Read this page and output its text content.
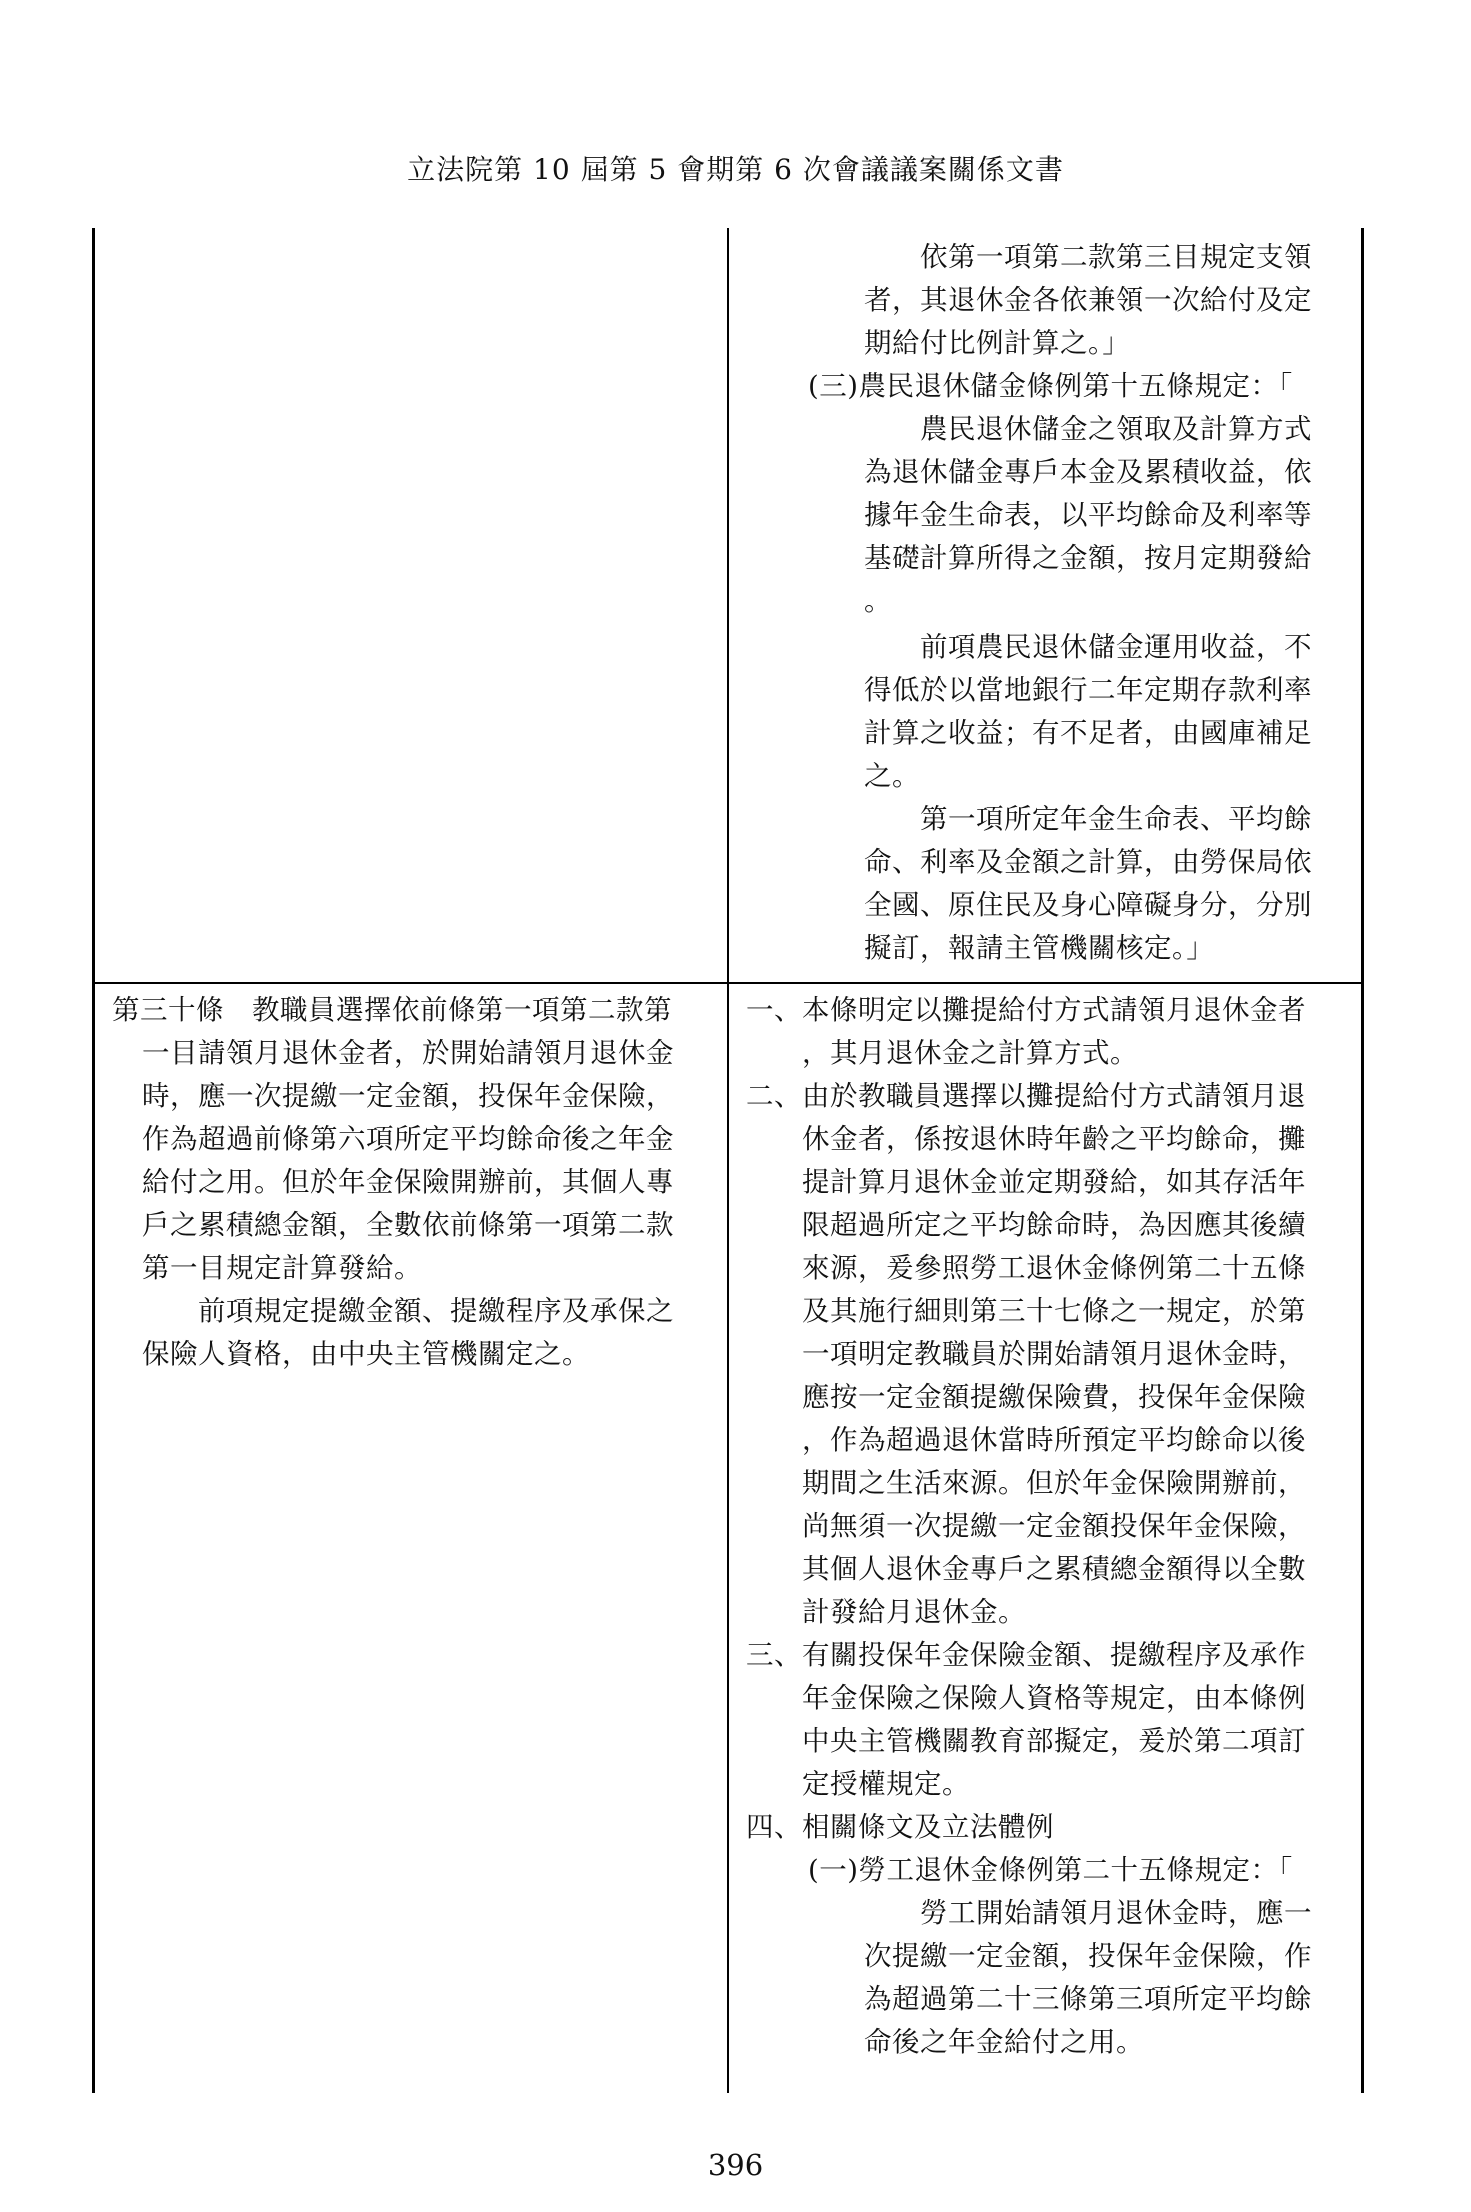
立法院第 10 屆第 5 會期第 6 次會議議案關係文書
依第一項第二款第三目規定支領
者，其退休金各依兼領一次給付及定
期給付比例計算之。」
(三)農民退休儲金條例第十五條規定：「
農民退休儲金之領取及計算方式
為退休儲金專戶本金及累積收益，依
據年金生命表，以平均餘命及利率等
基礎計算所得之金額，按月定期發給
。
前項農民退休儲金運用收益，不
得低於以當地銀行二年定期存款利率
計算之收益；有不足者，由國庫補足
之。
第一項所定年金生命表、平均餘
命、利率及金額之計算，由勞保局依
全國、原住民及身心障礙身分，分別
擬訂，報請主管機關核定。」
第三十條　教職員選擇依前條第一項第二款第
一目請領月退休金者，於開始請領月退休金
時，應一次提繳一定金額，投保年金保險，
作為超過前條第六項所定平均餘命後之年金
給付之用。但於年金保險開辦前，其個人專
戶之累積總金額，全數依前條第一項第二款
第一目規定計算發給。
前項規定提繳金額、提繳程序及承保之
保險人資格，由中央主管機關定之。
一、本條明定以攤提給付方式請領月退休金者
，其月退休金之計算方式。
二、由於教職員選擇以攤提給付方式請領月退
休金者，係按退休時年齡之平均餘命，攤
提計算月退休金並定期發給，如其存活年
限超過所定之平均餘命時，為因應其後續
來源，爰參照勞工退休金條例第二十五條
及其施行細則第三十七條之一規定，於第
一項明定教職員於開始請領月退休金時，
應按一定金額提繳保險費，投保年金保險
，作為超過退休當時所預定平均餘命以後
期間之生活來源。但於年金保險開辦前，
尚無須一次提繳一定金額投保年金保險，
其個人退休金專戶之累積總金額得以全數
計發給月退休金。
三、有關投保年金保險金額、提繳程序及承作
年金保險之保險人資格等規定，由本條例
中央主管機關教育部擬定，爰於第二項訂
定授權規定。
四、相關條文及立法體例
(一)勞工退休金條例第二十五條規定：「
勞工開始請領月退休金時，應一
次提繳一定金額，投保年金保險，作
為超過第二十三條第三項所定平均餘
命後之年金給付之用。
396
